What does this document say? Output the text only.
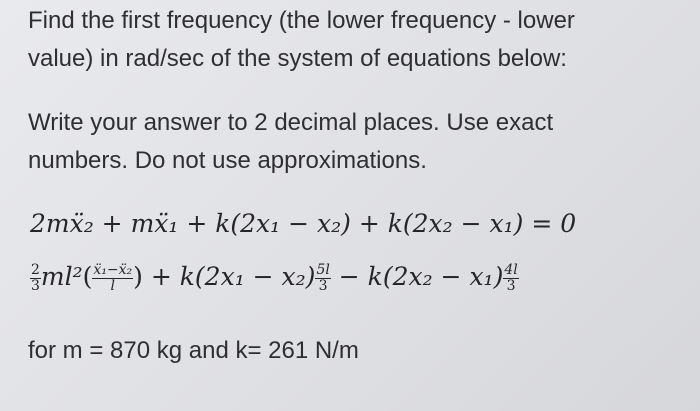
Find the first frequency (the lower frequency - lower
value) in rad/sec of the system of equations below:
Write your answer to 2 decimal places. Use exact
numbers. Do not use approximations.
2mẍ₂ + mẍ₁ + k(2x₁ − x₂) + k(2x₂ − x₁) = 0
$\frac{2}{3} ml^2( \frac{\text{ẍ₁−ẍ₂}}{l}$ ) + $k(2x_1 - x_2) \frac{5l}{3} - k(2x_2 - x_1) \frac{4l}{3}$
for m = 870 kg and k= 261 N/m
